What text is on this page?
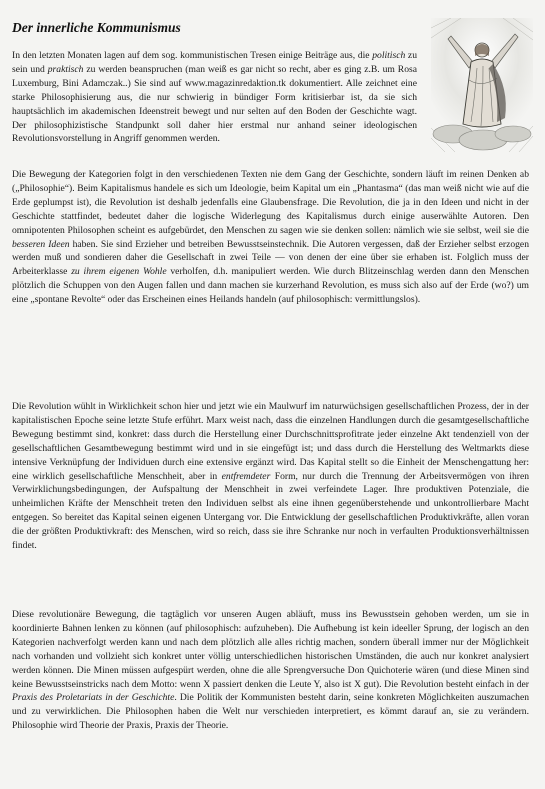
Der innerliche Kommunismus

In den letzten Monaten lagen auf dem sog. kommunistischen Tresen einige Beiträge aus, die politisch zu sein und praktisch zu werden beanspruchen (man weiß es gar nicht so recht, aber es ging z.B. um Rosa Luxemburg, Bini Adamczak..) Sie sind auf www.magazinredaktion.tk dokumentiert. Alle zeichnet eine starke Philosophisierung aus, die nur schwierig in bündiger Form kritisierbar ist, da sie sich hauptsächlich im akademischen Ideenstreit bewegt und nur selten auf den Boden der Geschichte wagt. Der philosophizistische Standpunkt soll daher hier erstmal nur anhand seiner ideologischen Revolutionsvorstellung in Angriff genommen werden.

Die Bewegung der Kategorien folgt in den verschiedenen Texten nie dem Gang der Geschichte, sondern läuft im reinen Denken ab („Philosophie“). Beim Kapitalismus handele es sich um Ideologie, beim Kapital um ein „Phantasma“ (das man weiß nicht wie auf die Erde geplumpst ist), die Revolution ist deshalb jedenfalls eine Glaubensfrage. Die Revolution, die ja in den Ideen und nicht in der Geschichte stattfindet, bedeutet daher die logische Widerlegung des Kapitalismus durch einige auserwählte Autoren. Den omnipotenten Philosophen scheint es aufgebürdet, den Menschen zu sagen wie sie denken sollen: nämlich wie sie selbst, weil sie die besseren Ideen haben. Sie sind Erzieher und betreiben Bewusstseinstechnik. Die Autoren vergessen, daß der Erzieher selbst erzogen werden muß und sondieren daher die Gesellschaft in zwei Teile — von denen der eine über sie erhaben ist. Folglich muss der Arbeiterklasse zu ihrem eigenen Wohle verholfen, d.h. manipuliert werden. Wie durch Blitzeinschlag werden dann den Menschen plötzlich die Schuppen von den Augen fallen und dann machen sie kurzerhand Revolution, es muss sich also auf der Erde (wo?) um eine „spontane Revolte“ oder das Erscheinen eines Heilands handeln (auf philosophisch: vermittlungslos).

Die Revolution wühlt in Wirklichkeit schon hier und jetzt wie ein Maulwurf im naturwüchsigen gesellschaftlichen Prozess, der in der kapitalistischen Epoche seine letzte Stufe erführt. Marx weist nach, dass die einzelnen Handlungen durch die gesamtgesellschaftliche Bewegung bestimmt sind, konkret: dass durch die Herstellung einer Durchschnittsprofitrate jeder einzelne Akt tendenziell von der gesellschaftlichen Gesamtbewegung bestimmt wird und in sie eingefügt ist; und dass durch die Herstellung des Weltmarkts diese intensive Verknüpfung der Individuen durch eine extensive ergänzt wird. Das Kapital stellt so die Einheit der Menschengattung her: eine wirklich gesellschaftliche Menschheit, aber in entfremdeter Form, nur durch die Trennung der Arbeitsvermögen von ihren Verwirklichungsbedingungen, der Aufspaltung der Menschheit in zwei verfeindete Lager. Ihre produktiven Potenziale, die unheimlichen Kräfte der Menschheit treten den Individuen selbst als eine ihnen gegenüberstehende und unkontrollierbare Macht entgegen. So bereitet das Kapital seinen eigenen Untergang vor. Die Entwicklung der gesellschaftlichen Produktivkräfte, allen voran die der größten Produktivkraft: des Menschen, wird so reich, dass sie ihre Schranke nur noch in verfaulten Produktionsverhältnissen findet.

Diese revolutionäre Bewegung, die tagtäglich vor unseren Augen abläuft, muss ins Bewusstsein gehoben werden, um sie in koordinierte Bahnen lenken zu können (auf philosophisch: aufzuheben). Die Aufhebung ist kein ideeller Sprung, der logisch an den Kategorien nachverfolgt werden kann und nach dem plötzlich alle alles richtig machen, sondern überall immer nur der Möglichkeit nach vorhanden und vollzieht sich konkret unter völlig unterschiedlichen historischen Umständen, die auch nur konkret analysiert werden können. Die Minen müssen aufgespürt werden, ohne die alle Sprengversuche Don Quichoterie wären (und diese Minen sind keine Bewusstseinstricks nach dem Motto: wenn X passiert denken die Leute Y, also ist X gut). Die Revolution besteht einfach in der Praxis des Proletariats in der Geschichte. Die Politik der Kommunisten besteht darin, seine konkreten Möglichkeiten auszumachen und zu verwirklichen. Die Philosophen haben die Welt nur verschieden interpretiert, es kömmt darauf an, sie zu verändern. Philosophie wird Theorie der Praxis, Praxis der Theorie.
